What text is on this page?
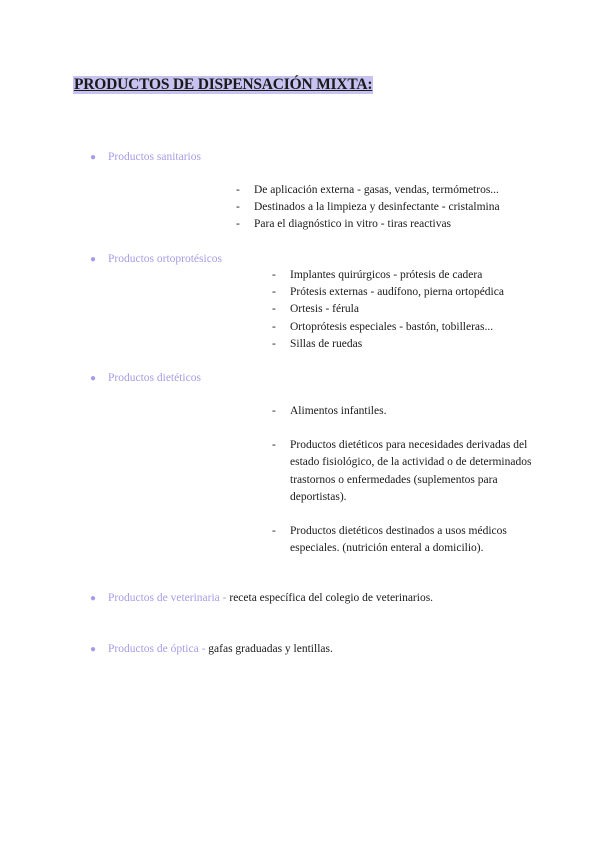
PRODUCTOS DE DISPENSACIÓN MIXTA:
● Productos sanitarios
- De aplicación externa - gasas, vendas, termómetros...
- Destinados a la limpieza y desinfectante - cristalmina
- Para el diagnóstico in vitro - tiras reactivas
● Productos ortoprotésicos
- Implantes quirúrgicos - prótesis de cadera
- Prótesis externas - audífono, pierna ortopédica
- Ortesis - férula
- Ortoprótesis especiales - bastón, tobilleras...
- Sillas de ruedas
● Productos dietéticos
- Alimentos infantiles.
- Productos dietéticos para necesidades derivadas del estado fisiológico, de la actividad o de determinados trastornos o enfermedades (suplementos para deportistas).
- Productos dietéticos destinados a usos médicos especiales. (nutrición enteral a domicilio).
● Productos de veterinaria - receta específica del colegio de veterinarios.
● Productos de óptica - gafas graduadas y lentillas.
